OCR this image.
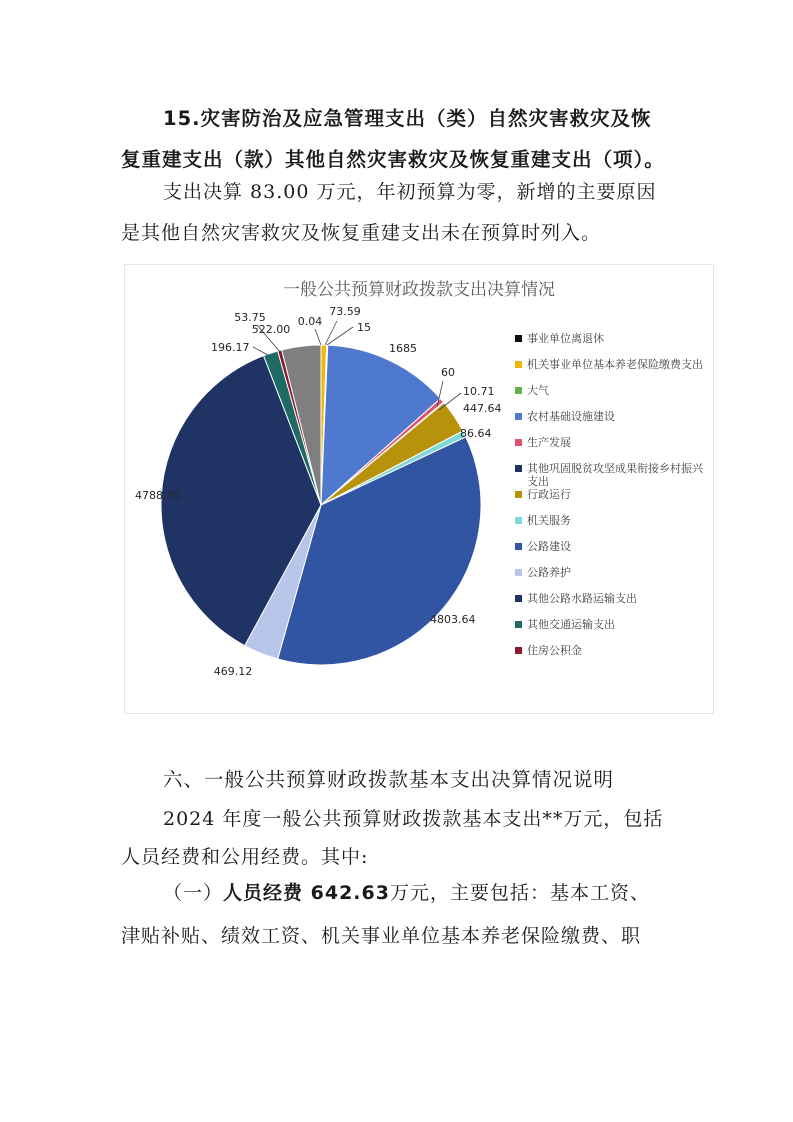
15.灾害防治及应急管理支出（类）自然灾害救灾及恢
复重建支出（款）其他自然灾害救灾及恢复重建支出（项）。
支出决算 83.00 万元，年初预算为零，新增的主要原因
是其他自然灾害救灾及恢复重建支出未在预算时列入。
一般公共预算财政拨款支出决算情况
0.04
73.59
15
1685
60
10.71
447.64
86.64
4803.64
469.12
4788.85
196.17
53.75
522.00
事业单位离退休
机关事业单位基本养老保险缴费支出
大气
农村基础设施建设
生产发展
其他巩固脱贫攻坚成果衔接乡村振兴支出
行政运行
机关服务
公路建设
公路养护
其他公路水路运输支出
其他交通运输支出
住房公积金
六、一般公共预算财政拨款基本支出决算情况说明
2024 年度一般公共预算财政拨款基本支出**万元，包括
人员经费和公用经费。其中:
（一）人员经费 642.63万元，主要包括：基本工资、
津贴补贴、绩效工资、机关事业单位基本养老保险缴费、职
